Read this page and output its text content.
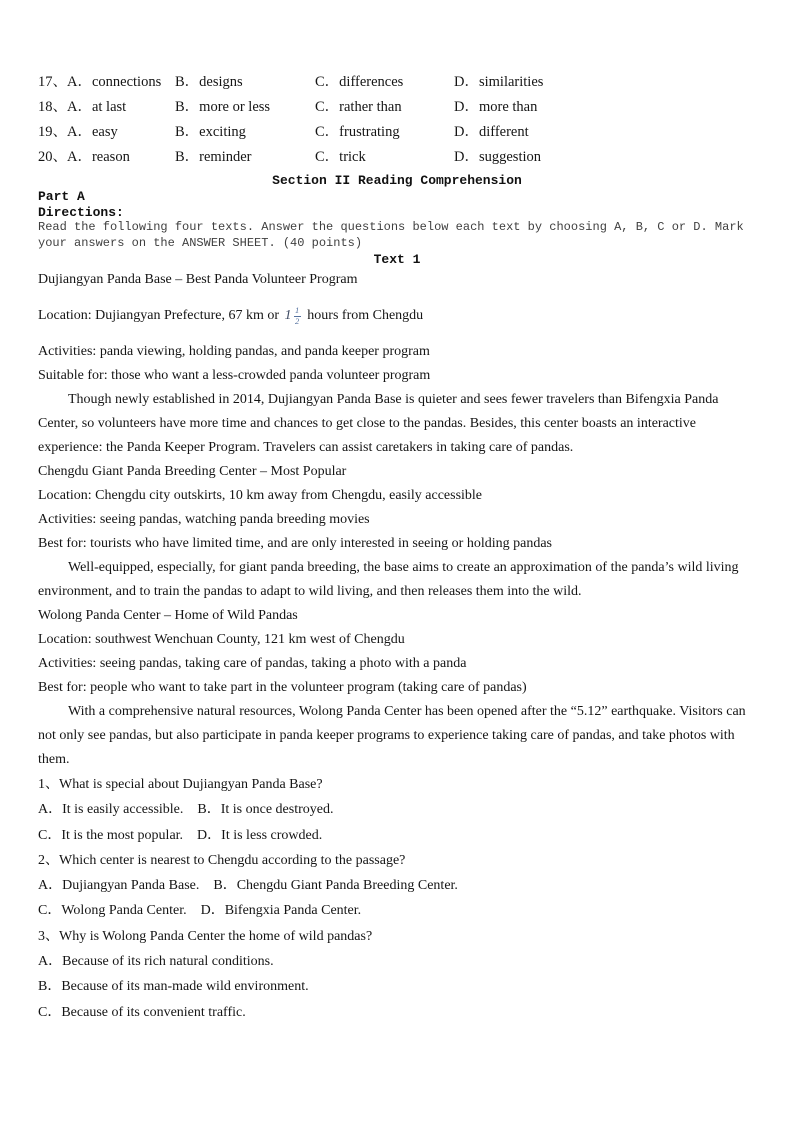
17、 A．connections B．designs	C．differences	D．similarities
18、 A．at last	B．more or less	C．rather than	D．more than
19、 A．easy	B．exciting	C．frustrating	D．different
20、 A．reason	B．reminder	C．trick	D．suggestion
Section II Reading Comprehension
Part A
Directions:
Read the following four texts. Answer the questions below each text by choosing A, B, C or D. Mark
your answers on the ANSWER SHEET. (40 points)
Text 1
Dujiangyan Panda Base – Best Panda Volunteer Program
Location: Dujiangyan Prefecture, 67 km or $1 \frac{1}{2}$ hours from Chengdu
Activities: panda viewing, holding pandas, and panda keeper program
Suitable for: those who want a less-crowded panda volunteer program
Though newly established in 2014, Dujiangyan Panda Base is quieter and sees fewer travelers than Bifengxia Panda Center, so volunteers have more time and chances to get close to the pandas. Besides, this center boasts an interactive experience: the Panda Keeper Program. Travelers can assist caretakers in taking care of pandas.
Chengdu Giant Panda Breeding Center – Most Popular
Location: Chengdu city outskirts, 10 km away from Chengdu, easily accessible
Activities: seeing pandas, watching panda breeding movies
Best for: tourists who have limited time, and are only interested in seeing or holding pandas
Well-equipped, especially, for giant panda breeding, the base aims to create an approximation of the panda’s wild living environment, and to train the pandas to adapt to wild living, and then releases them into the wild.
Wolong Panda Center – Home of Wild Pandas
Location: southwest Wenchuan County, 121 km west of Chengdu
Activities: seeing pandas, taking care of pandas, taking a photo with a panda
Best for: people who want to take part in the volunteer program (taking care of pandas)
With a comprehensive natural resources, Wolong Panda Center has been opened after the “5.12” earthquake. Visitors can not only see pandas, but also participate in panda keeper programs to experience taking care of pandas, and take photos with them.
1、What is special about Dujiangyan Panda Base?
A．It is easily accessible.    B．It is once destroyed.
C．It is the most popular.    D．It is less crowded.
2、Which center is nearest to Chengdu according to the passage?
A．Dujiangyan Panda Base.    B．Chengdu Giant Panda Breeding Center.
C．Wolong Panda Center.    D．Bifengxia Panda Center.
3、Why is Wolong Panda Center the home of wild pandas?
A．Because of its rich natural conditions.
B．Because of its man-made wild environment.
C．Because of its convenient traffic.
